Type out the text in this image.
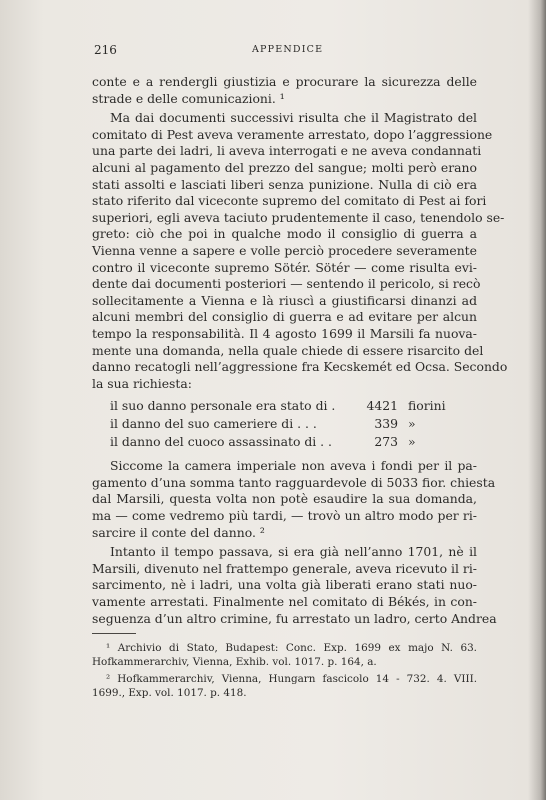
216	APPENDICE
conte e a rendergli giustizia e procurare la sicurezza delle
strade e delle comunicazioni. ¹
Ma dai documenti successivi risulta che il Magistrato del
comitato di Pest aveva veramente arrestato, dopo l’aggressione
una parte dei ladri, li aveva interrogati e ne aveva condannati
alcuni al pagamento del prezzo del sangue; molti però erano
stati assolti e lasciati liberi senza punizione. Nulla di ciò era
stato riferito dal viceconte supremo del comitato di Pest ai fori
superiori, egli aveva taciuto prudentemente il caso, tenendolo se-
greto: ciò che poi in qualche modo il consiglio di guerra a
Vienna venne a sapere e volle perciò procedere severamente
contro il viceconte supremo Sötér. Sötér — come risulta evi-
dente dai documenti posteriori — sentendo il pericolo, si recò
sollecitamente a Vienna e là riuscì a giustificarsi dinanzi ad
alcuni membri del consiglio di guerra e ad evitare per alcun
tempo la responsabilità. Il 4 agosto 1699 il Marsili fa nuova-
mente una domanda, nella quale chiede di essere risarcito del
danno recatogli nell’aggressione fra Kecskemét ed Ocsa. Secondo
la sua richiesta:
il suo danno personale era stato di .	4421 fiorini
il danno del suo cameriere di . . .	339 »
il danno del cuoco assassinato di . .	273 »
Siccome la camera imperiale non aveva i fondi per il pa-
gamento d’una somma tanto ragguardevole di 5033 fior. chiesta
dal Marsili, questa volta non potè esaudire la sua domanda,
ma — come vedremo più tardi, — trovò un altro modo per ri-
sarcire il conte del danno. ²
Intanto il tempo passava, si era già nell’anno 1701, nè il
Marsili, divenuto nel frattempo generale, aveva ricevuto il ri-
sarcimento, nè i ladri, una volta già liberati erano stati nuo-
vamente arrestati. Finalmente nel comitato di Békés, in con-
seguenza d’un altro crimine, fu arrestato un ladro, certo Andrea
¹ Archivio di Stato, Budapest: Conc. Exp. 1699 ex majo N. 63.
Hofkammerarchiv, Vienna, Exhib. vol. 1017. p. 164, a.
² Hofkammerarchiv, Vienna, Hungarn fascicolo 14 - 732. 4. VIII.
1699., Exp. vol. 1017. p. 418.
